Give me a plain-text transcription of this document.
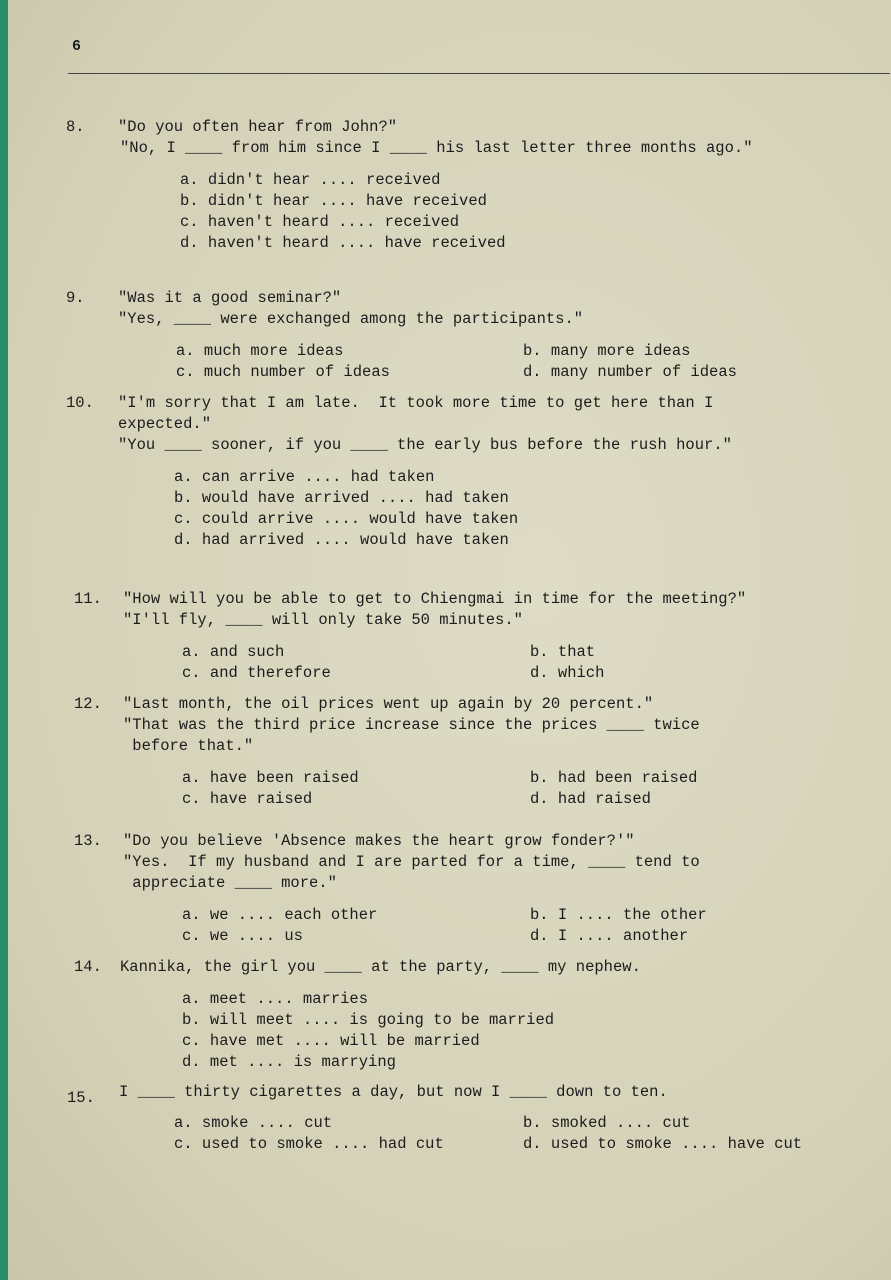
6
8.	"Do you often hear from John?"
"No, I ____ from him since I ____ his last letter three months ago."
a. didn't hear .... received
b. didn't hear .... have received
c. haven't heard .... received
d. haven't heard .... have received
9.	"Was it a good seminar?"
"Yes, ____ were exchanged among the participants."
a. much more ideas	b. many more ideas
c. much number of ideas	d. many number of ideas
10.	"I'm sorry that I am late.  It took more time to get here than I
expected."
"You ____ sooner, if you ____ the early bus before the rush hour."
a. can arrive .... had taken
b. would have arrived .... had taken
c. could arrive .... would have taken
d. had arrived .... would have taken
11.	"How will you be able to get to Chiengmai in time for the meeting?"
"I'll fly, ____ will only take 50 minutes."
a. and such	b. that
c. and therefore	d. which
12.	"Last month, the oil prices went up again by 20 percent."
"That was the third price increase since the prices ____ twice
before that."
a. have been raised	b. had been raised
c. have raised	d. had raised
13.	"Do you believe 'Absence makes the heart grow fonder?'"
"Yes.  If my husband and I are parted for a time, ____ tend to
appreciate ____ more."
a. we .... each other	b. I .... the other
c. we .... us	d. I .... another
14.	Kannika, the girl you ____ at the party, ____ my nephew.
a. meet .... marries
b. will meet .... is going to be married
c. have met .... will be married
d. met .... is marrying
15.	I ____ thirty cigarettes a day, but now I ____ down to ten.
a. smoke .... cut	b. smoked .... cut
c. used to smoke .... had cut	d. used to smoke .... have cut
